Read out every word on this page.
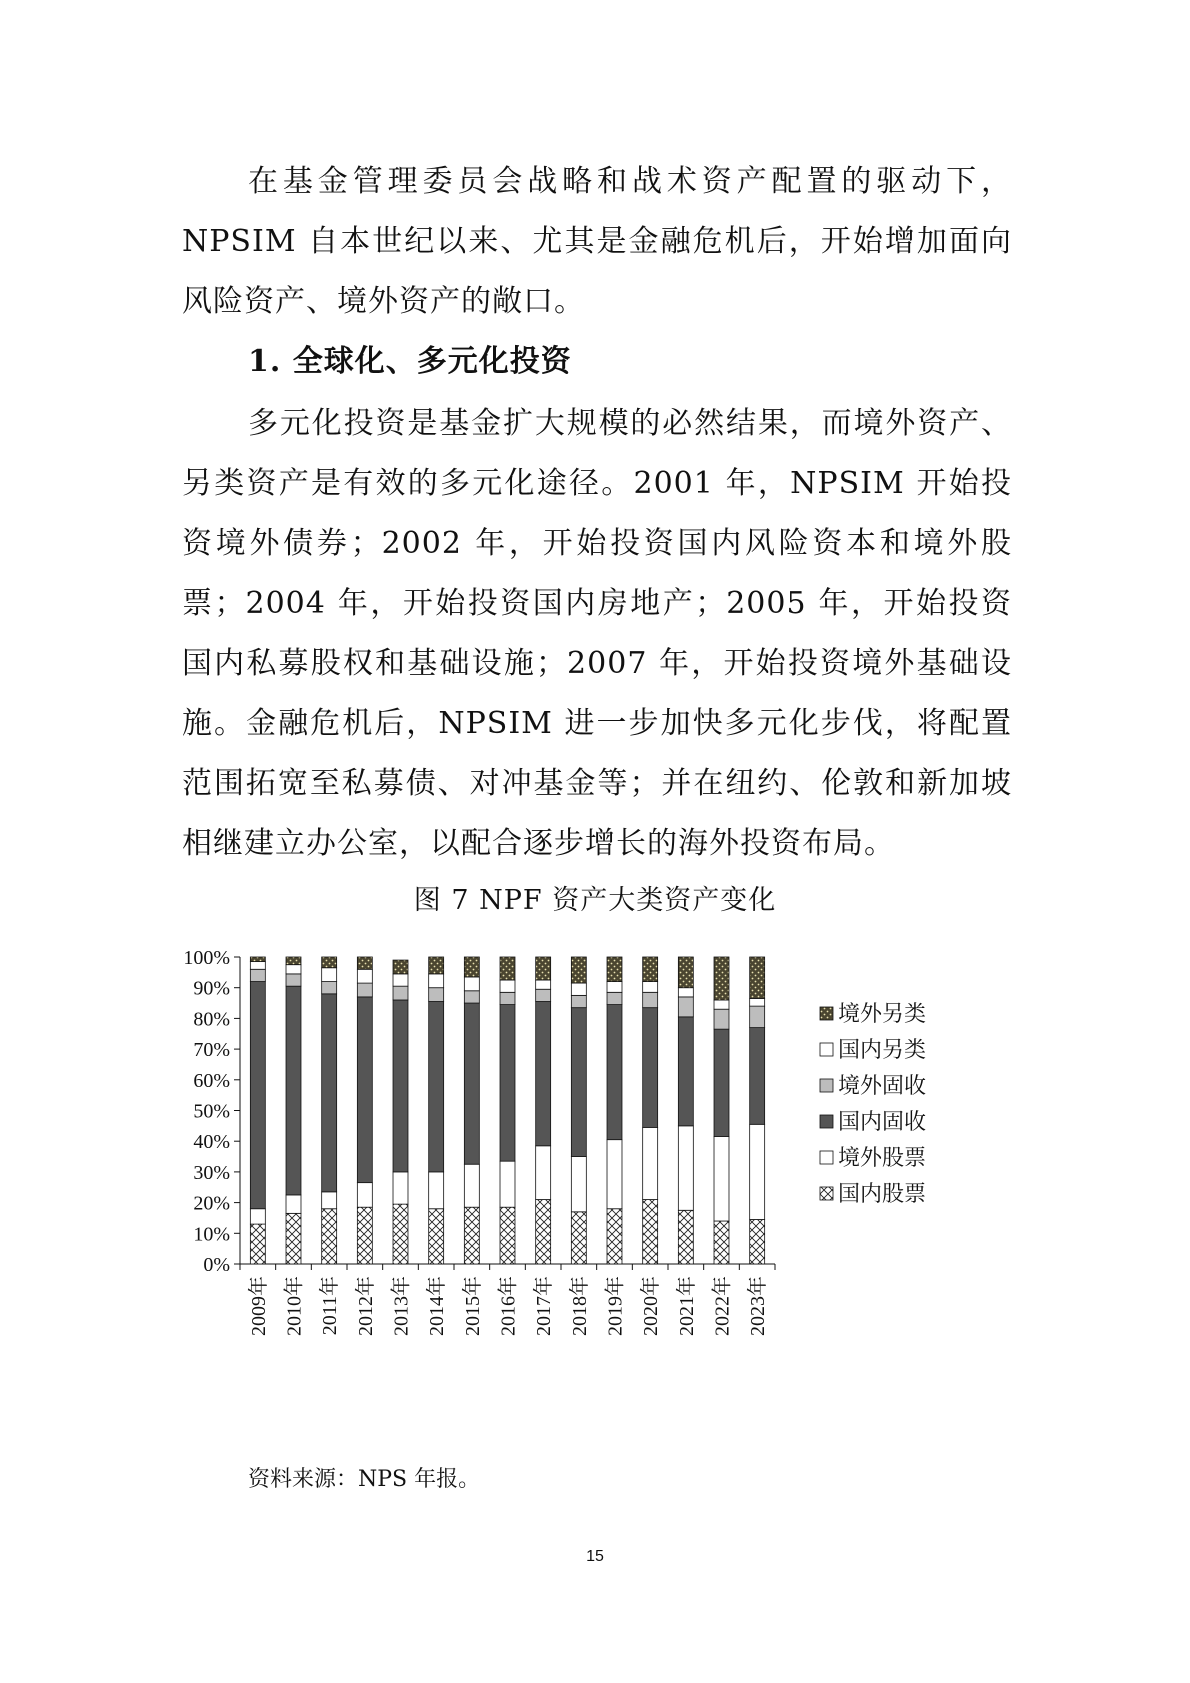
在基金管理委员会战略和战术资产配置的驱动下，NPSIM 自本世纪以来、尤其是金融危机后，开始增加面向风险资产、境外资产的敞口。

1. 全球化、多元化投资

多元化投资是基金扩大规模的必然结果，而境外资产、另类资产是有效的多元化途径。2001 年，NPSIM 开始投资境外债券；2002 年，开始投资国内风险资本和境外股票；2004 年，开始投资国内房地产；2005 年，开始投资国内私募股权和基础设施；2007 年，开始投资境外基础设施。金融危机后，NPSIM 进一步加快多元化步伐，将配置范围拓宽至私募债、对冲基金等；并在纽约、伦敦和新加坡相继建立办公室，以配合逐步增长的海外投资布局。

图 7 NPF 资产大类资产变化

0%
10%
20%
30%
40%
50%
60%
70%
80%
90%
100%
2009年 2010年 2011年 2012年 2013年 2014年 2015年 2016年 2017年 2018年 2019年 2020年 2021年 2022年 2023年
境外另类
国内另类
境外固收
国内固收
境外股票
国内股票

资料来源：NPS 年报。

15
